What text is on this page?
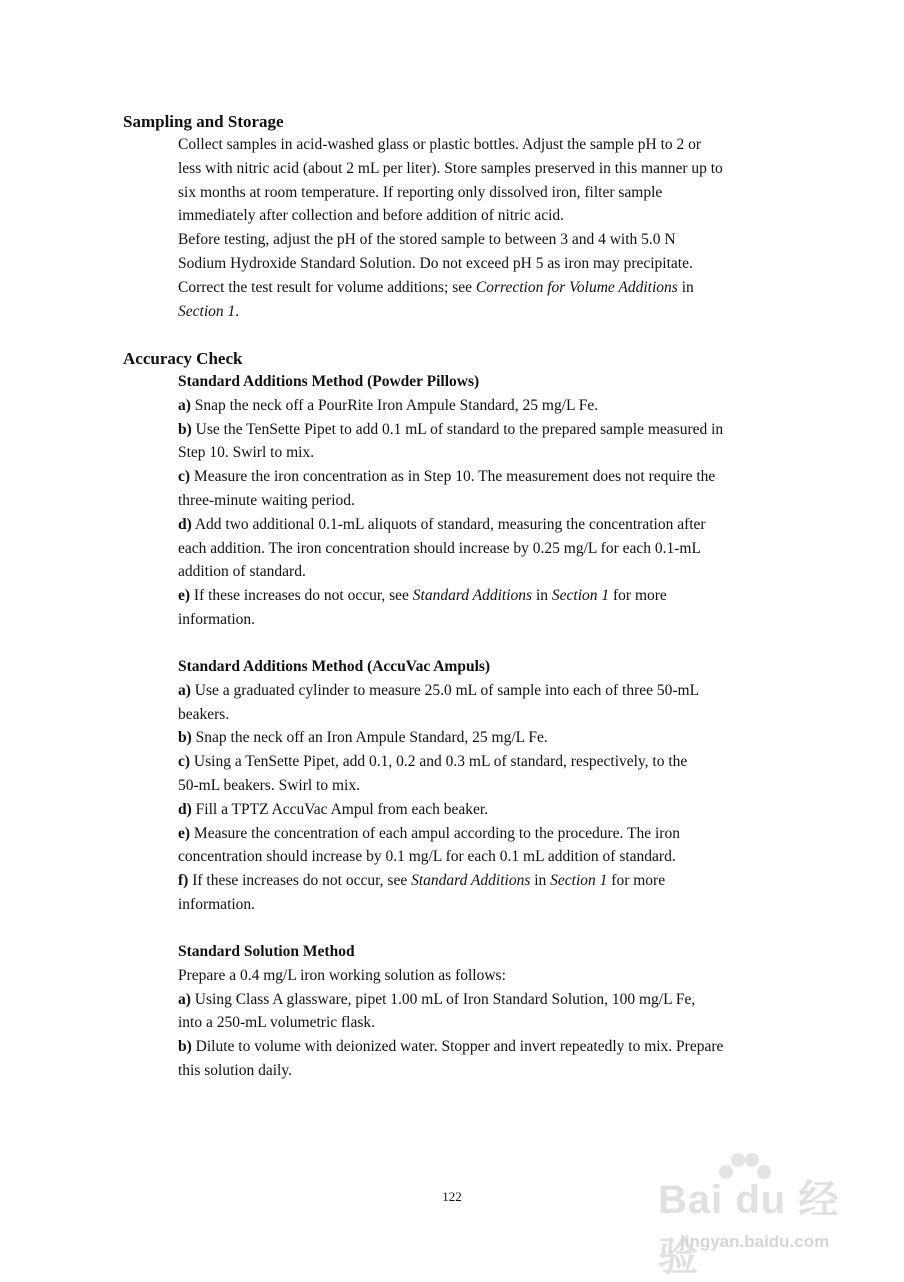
Sampling and Storage
Collect samples in acid-washed glass or plastic bottles. Adjust the sample pH to 2 or
less with nitric acid (about 2 mL per liter). Store samples preserved in this manner up to
six months at room temperature. If reporting only dissolved iron, filter sample
immediately after collection and before addition of nitric acid.
Before testing, adjust the pH of the stored sample to between 3 and 4 with 5.0 N
Sodium Hydroxide Standard Solution. Do not exceed pH 5 as iron may precipitate.
Correct the test result for volume additions; see Correction for Volume Additions in
Section 1.
Accuracy Check
Standard Additions Method (Powder Pillows)
a) Snap the neck off a PourRite Iron Ampule Standard, 25 mg/L Fe.
b) Use the TenSette Pipet to add 0.1 mL of standard to the prepared sample measured in
Step 10. Swirl to mix.
c) Measure the iron concentration as in Step 10. The measurement does not require the
three-minute waiting period.
d) Add two additional 0.1-mL aliquots of standard, measuring the concentration after
each addition. The iron concentration should increase by 0.25 mg/L for each 0.1-mL
addition of standard.
e) If these increases do not occur, see Standard Additions in Section 1 for more
information.
Standard Additions Method (AccuVac Ampuls)
a) Use a graduated cylinder to measure 25.0 mL of sample into each of three 50-mL
beakers.
b) Snap the neck off an Iron Ampule Standard, 25 mg/L Fe.
c) Using a TenSette Pipet, add 0.1, 0.2 and 0.3 mL of standard, respectively, to the
50-mL beakers. Swirl to mix.
d) Fill a TPTZ AccuVac Ampul from each beaker.
e) Measure the concentration of each ampul according to the procedure. The iron
concentration should increase by 0.1 mg/L for each 0.1 mL addition of standard.
f) If these increases do not occur, see Standard Additions in Section 1 for more
information.
Standard Solution Method
Prepare a 0.4 mg/L iron working solution as follows:
a) Using Class A glassware, pipet 1.00 mL of Iron Standard Solution, 100 mg/L Fe,
into a 250-mL volumetric flask.
b) Dilute to volume with deionized water. Stopper and invert repeatedly to mix. Prepare
this solution daily.
122	Bai du 经验
jingyan.baidu.com
